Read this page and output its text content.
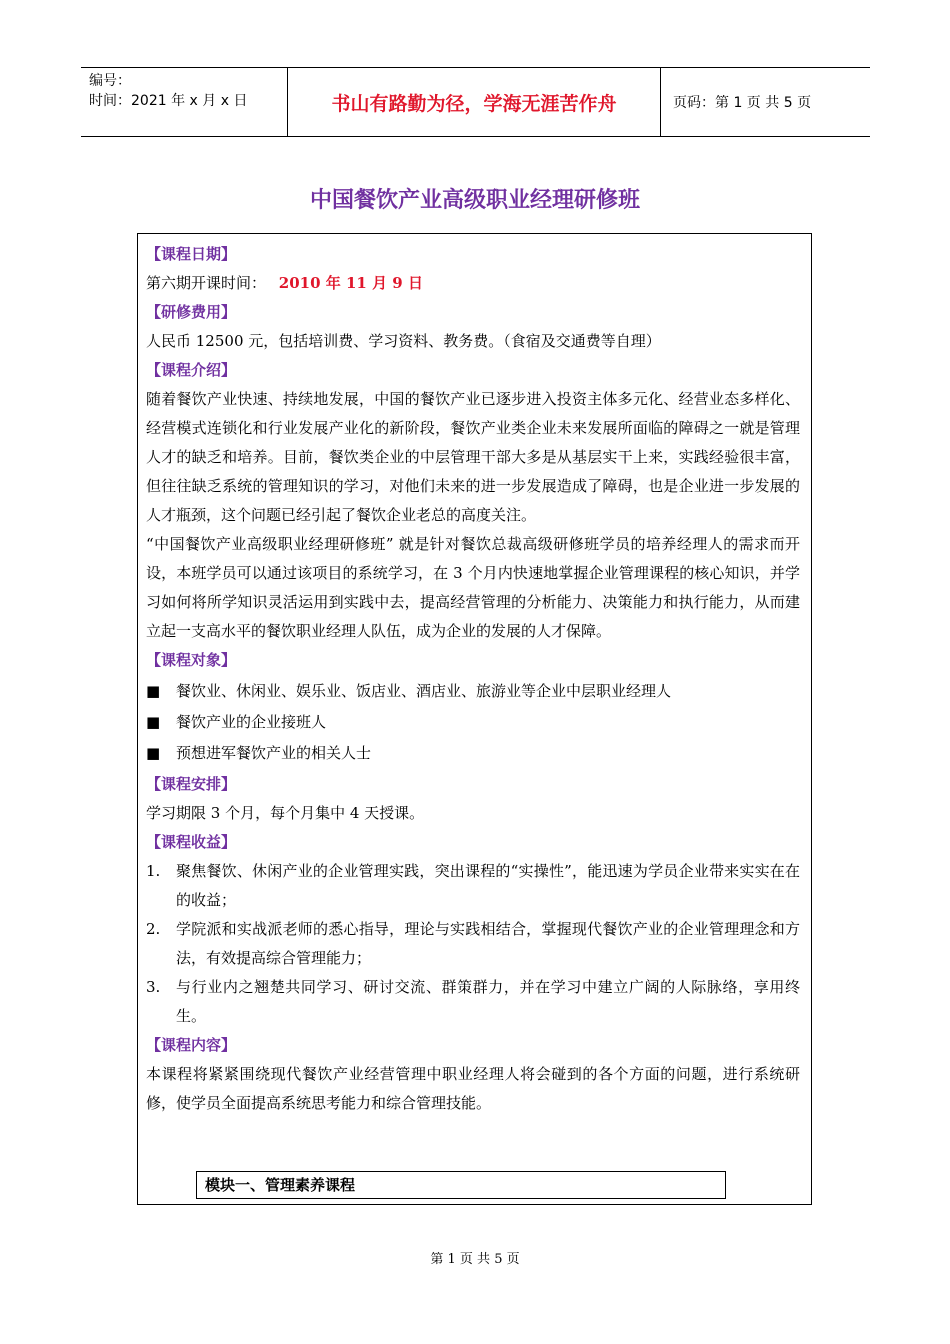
编号：
时间：2021 年 x 月 x 日	书山有路勤为径，学海无涯苦作舟	页码：第 1 页 共 5 页
中国餐饮产业高级职业经理研修班
【课程日期】
第六期开课时间： 2010 年 11 月 9 日
【研修费用】
人民币 12500 元，包括培训费、学习资料、教务费。（食宿及交通费等自理）
【课程介绍】
随着餐饮产业快速、持续地发展，中国的餐饮产业已逐步进入投资主体多元化、经营业态多样化、经营模式连锁化和行业发展产业化的新阶段，餐饮产业类企业未来发展所面临的障碍之一就是管理人才的缺乏和培养。目前，餐饮类企业的中层管理干部大多是从基层实干上来，实践经验很丰富，但往往缺乏系统的管理知识的学习，对他们未来的进一步发展造成了障碍，也是企业进一步发展的人才瓶颈，这个问题已经引起了餐饮企业老总的高度关注。
“中国餐饮产业高级职业经理研修班” 就是针对餐饮总裁高级研修班学员的培养经理人的需求而开设，本班学员可以通过该项目的系统学习，在 3 个月内快速地掌握企业管理课程的核心知识，并学习如何将所学知识灵活运用到实践中去，提高经营管理的分析能力、决策能力和执行能力，从而建立起一支高水平的餐饮职业经理人队伍，成为企业的发展的人才保障。
【课程对象】
■	餐饮业、休闲业、娱乐业、饭店业、酒店业、旅游业等企业中层职业经理人
■	餐饮产业的企业接班人
■	预想进军餐饮产业的相关人士
【课程安排】
学习期限 3 个月，每个月集中 4 天授课。
【课程收益】
1.	聚焦餐饮、休闲产业的企业管理实践，突出课程的“实操性”，能迅速为学员企业带来实实在在的收益；
2.	学院派和实战派老师的悉心指导，理论与实践相结合，掌握现代餐饮产业的企业管理理念和方法，有效提高综合管理能力；
3.	与行业内之翘楚共同学习、研讨交流、群策群力，并在学习中建立广阔的人际脉络，享用终生。
【课程内容】
本课程将紧紧围绕现代餐饮产业经营管理中职业经理人将会碰到的各个方面的问题，进行系统研修，使学员全面提高系统思考能力和综合管理技能。
模块一、管理素养课程
第 1 页 共 5 页
